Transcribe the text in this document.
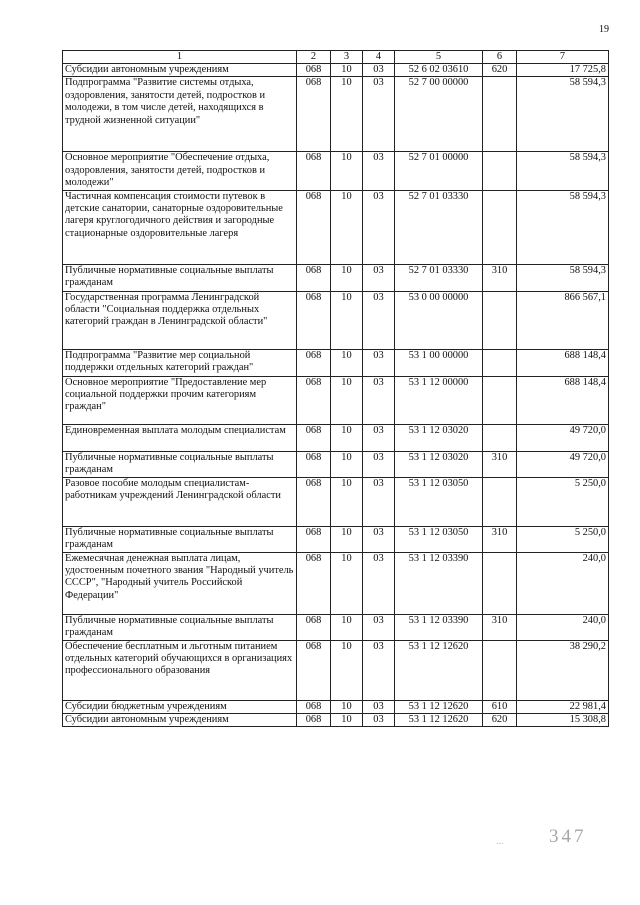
19
1	2	3	4	5	6	7
Субсидии автономным учреждениям	068	10	03	52 6 02 03610	620	17 725,8
Подпрограмма "Развитие системы отдыха, оздоровления, занятости детей, подростков и молодежи, в том числе детей, находящихся в трудной жизненной ситуации"	068	10	03	52 7 00 00000		58 594,3
Основное мероприятие "Обеспечение отдыха, оздоровления, занятости детей, подростков и молодежи"	068	10	03	52 7 01 00000		58 594,3
Частичная компенсация стоимости путевок в детские санатории, санаторные оздоровительные лагеря круглогодичного действия и загородные стационарные оздоровительные лагеря	068	10	03	52 7 01 03330		58 594,3
Публичные нормативные социальные выплаты гражданам	068	10	03	52 7 01 03330	310	58 594,3
Государственная программа Ленинградской области "Социальная поддержка отдельных категорий граждан в Ленинградской области"	068	10	03	53 0 00 00000		866 567,1
Подпрограмма "Развитие мер социальной поддержки отдельных категорий граждан"	068	10	03	53 1 00 00000		688 148,4
Основное мероприятие "Предоставление мер социальной поддержки прочим категориям граждан"	068	10	03	53 1 12 00000		688 148,4
Единовременная выплата молодым специалистам	068	10	03	53 1 12 03020		49 720,0
Публичные нормативные социальные выплаты гражданам	068	10	03	53 1 12 03020	310	49 720,0
Разовое пособие молодым специалистам-работникам учреждений Ленинградской области	068	10	03	53 1 12 03050		5 250,0
Публичные нормативные социальные выплаты гражданам	068	10	03	53 1 12 03050	310	5 250,0
Ежемесячная денежная выплата лицам, удостоенным почетного звания "Народный учитель СССР", "Народный учитель Российской Федерации"	068	10	03	53 1 12 03390		240,0
Публичные нормативные социальные выплаты гражданам	068	10	03	53 1 12 03390	310	240,0
Обеспечение бесплатным и льготным питанием отдельных категорий обучающихся в организациях профессионального образования	068	10	03	53 1 12 12620		38 290,2
Субсидии бюджетным учреждениям	068	10	03	53 1 12 12620	610	22 981,4
Субсидии автономным учреждениям	068	10	03	53 1 12 12620	620	15 308,8
... 347
